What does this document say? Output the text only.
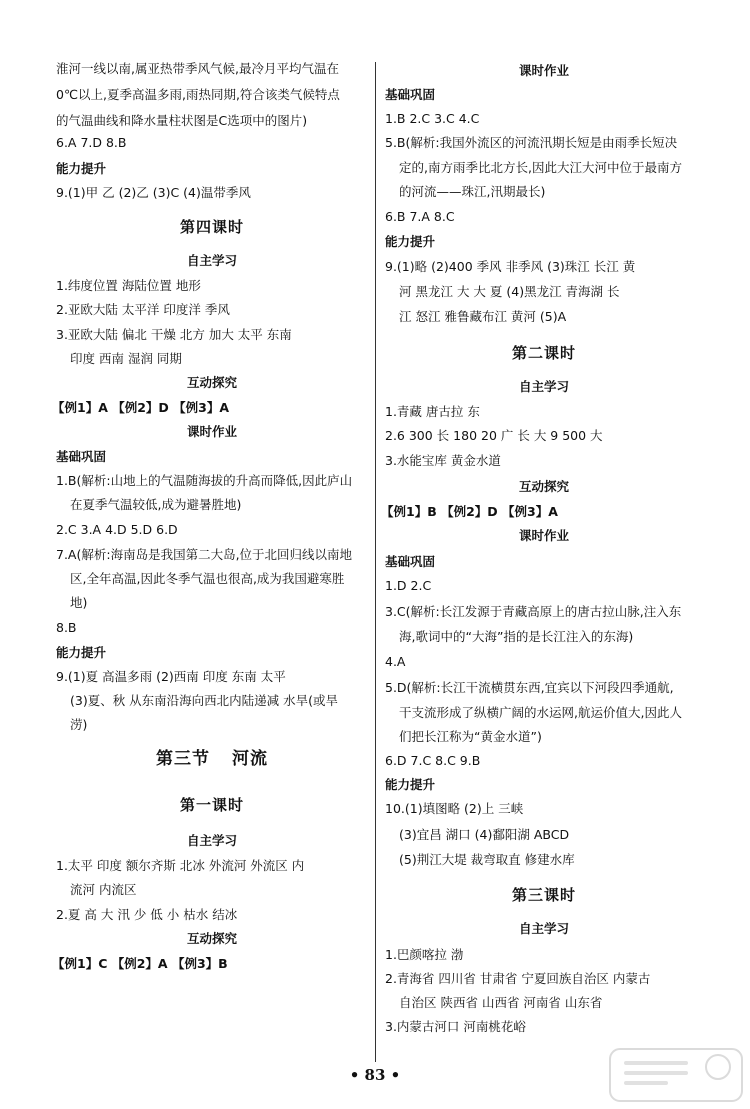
淮河一线以南,属亚热带季风气候,最冷月平均气温在
0℃以上,夏季高温多雨,雨热同期,符合该类气候特点
的气温曲线和降水量柱状图是C选项中的图片)
6.A 7.D 8.B
能力提升
9.(1)甲 乙 (2)乙 (3)C (4)温带季风
第四课时
自主学习
1.纬度位置 海陆位置 地形
2.亚欧大陆 太平洋 印度洋 季风
3.亚欧大陆 偏北 干燥 北方 加大 太平 东南
印度 西南 湿润 同期
互动探究
【例1】A 【例2】D 【例3】A
课时作业
基础巩固
1.B(解析:山地上的气温随海拔的升高而降低,因此庐山
在夏季气温较低,成为避暑胜地)
2.C 3.A 4.D 5.D 6.D
7.A(解析:海南岛是我国第二大岛,位于北回归线以南地
区,全年高温,因此冬季气温也很高,成为我国避寒胜
地)
8.B
能力提升
9.(1)夏 高温多雨 (2)西南 印度 东南 太平
(3)夏、秋 从东南沿海向西北内陆递减 水旱(或旱
涝)
第三节 河流
第一课时
自主学习
1.太平 印度 额尔齐斯 北冰 外流河 外流区 内
流河 内流区
2.夏 高 大 汛 少 低 小 枯水 结冰
互动探究
【例1】C 【例2】A 【例3】B
课时作业
基础巩固
1.B 2.C 3.C 4.C
5.B(解析:我国外流区的河流汛期长短是由雨季长短决
定的,南方雨季比北方长,因此大江大河中位于最南方
的河流——珠江,汛期最长)
6.B 7.A 8.C
能力提升
9.(1)略 (2)400 季风 非季风 (3)珠江 长江 黄
河 黑龙江 大 大 夏 (4)黑龙江 青海湖 长
江 怒江 雅鲁藏布江 黄河 (5)A
第二课时
自主学习
1.青藏 唐古拉 东
2.6 300 长 180 20 广 长 大 9 500 大
3.水能宝库 黄金水道
互动探究
【例1】B 【例2】D 【例3】A
课时作业
基础巩固
1.D 2.C
3.C(解析:长江发源于青藏高原上的唐古拉山脉,注入东
海,歌词中的“大海”指的是长江注入的东海)
4.A
5.D(解析:长江干流横贯东西,宜宾以下河段四季通航,
干支流形成了纵横广阔的水运网,航运价值大,因此人
们把长江称为“黄金水道”)
6.D 7.C 8.C 9.B
能力提升
10.(1)填图略 (2)上 三峡
(3)宜昌 湖口 (4)鄱阳湖 ABCD
(5)荆江大堤 裁弯取直 修建水库
第三课时
自主学习
1.巴颜喀拉 渤
2.青海省 四川省 甘肃省 宁夏回族自治区 内蒙古
自治区 陕西省 山西省 河南省 山东省
3.内蒙古河口 河南桃花峪
• 83 •
